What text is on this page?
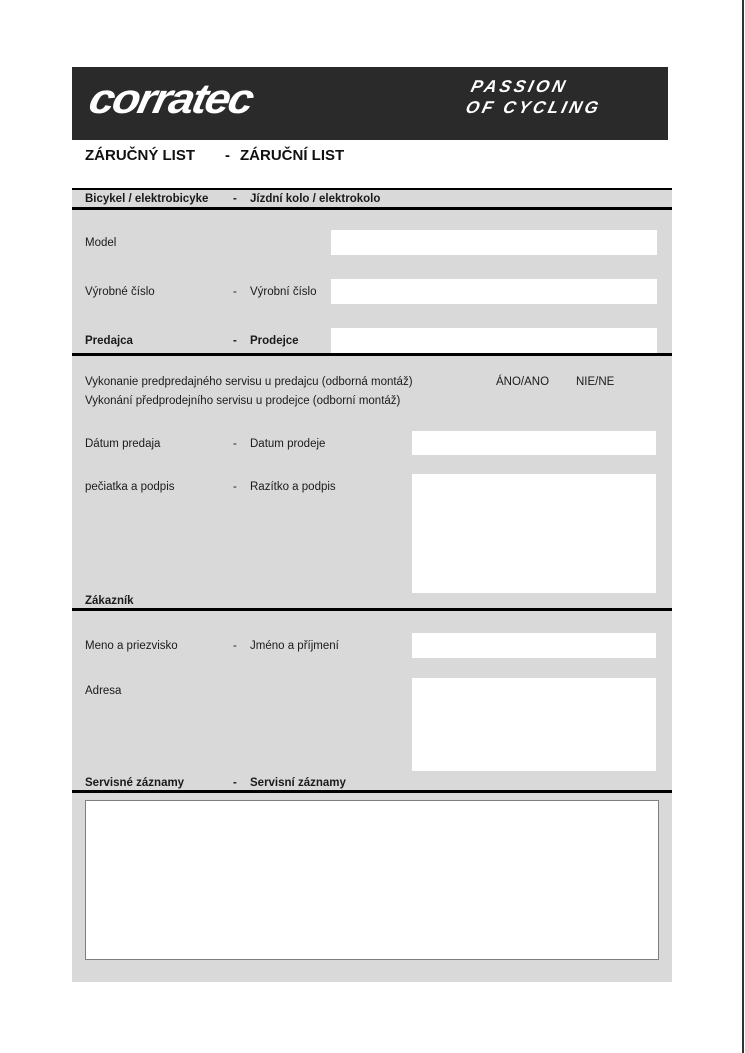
corratec	PASSION
OF CYCLING
ZÁRUČNÝ LIST - ZÁRUČNÍ LIST
Bicykel / elektrobicyke - Jízdní kolo / elektrokolo
Model
Výrobné číslo	- Výrobní číslo
Predajca	- Prodejce
Vykonanie predpredajného servisu u predajcu (odborná montáž)
Vykonání předprodejního servisu u prodejce (odborní montáž)
ÁNO/ANO NIE/NE
Dátum predaja	- Datum prodeje
pečiatka a podpis	- Razítko a podpis
Zákazník
Meno a priezvisko	- Jméno a příjmení
Adresa
Servisné záznamy	- Servisní záznamy
